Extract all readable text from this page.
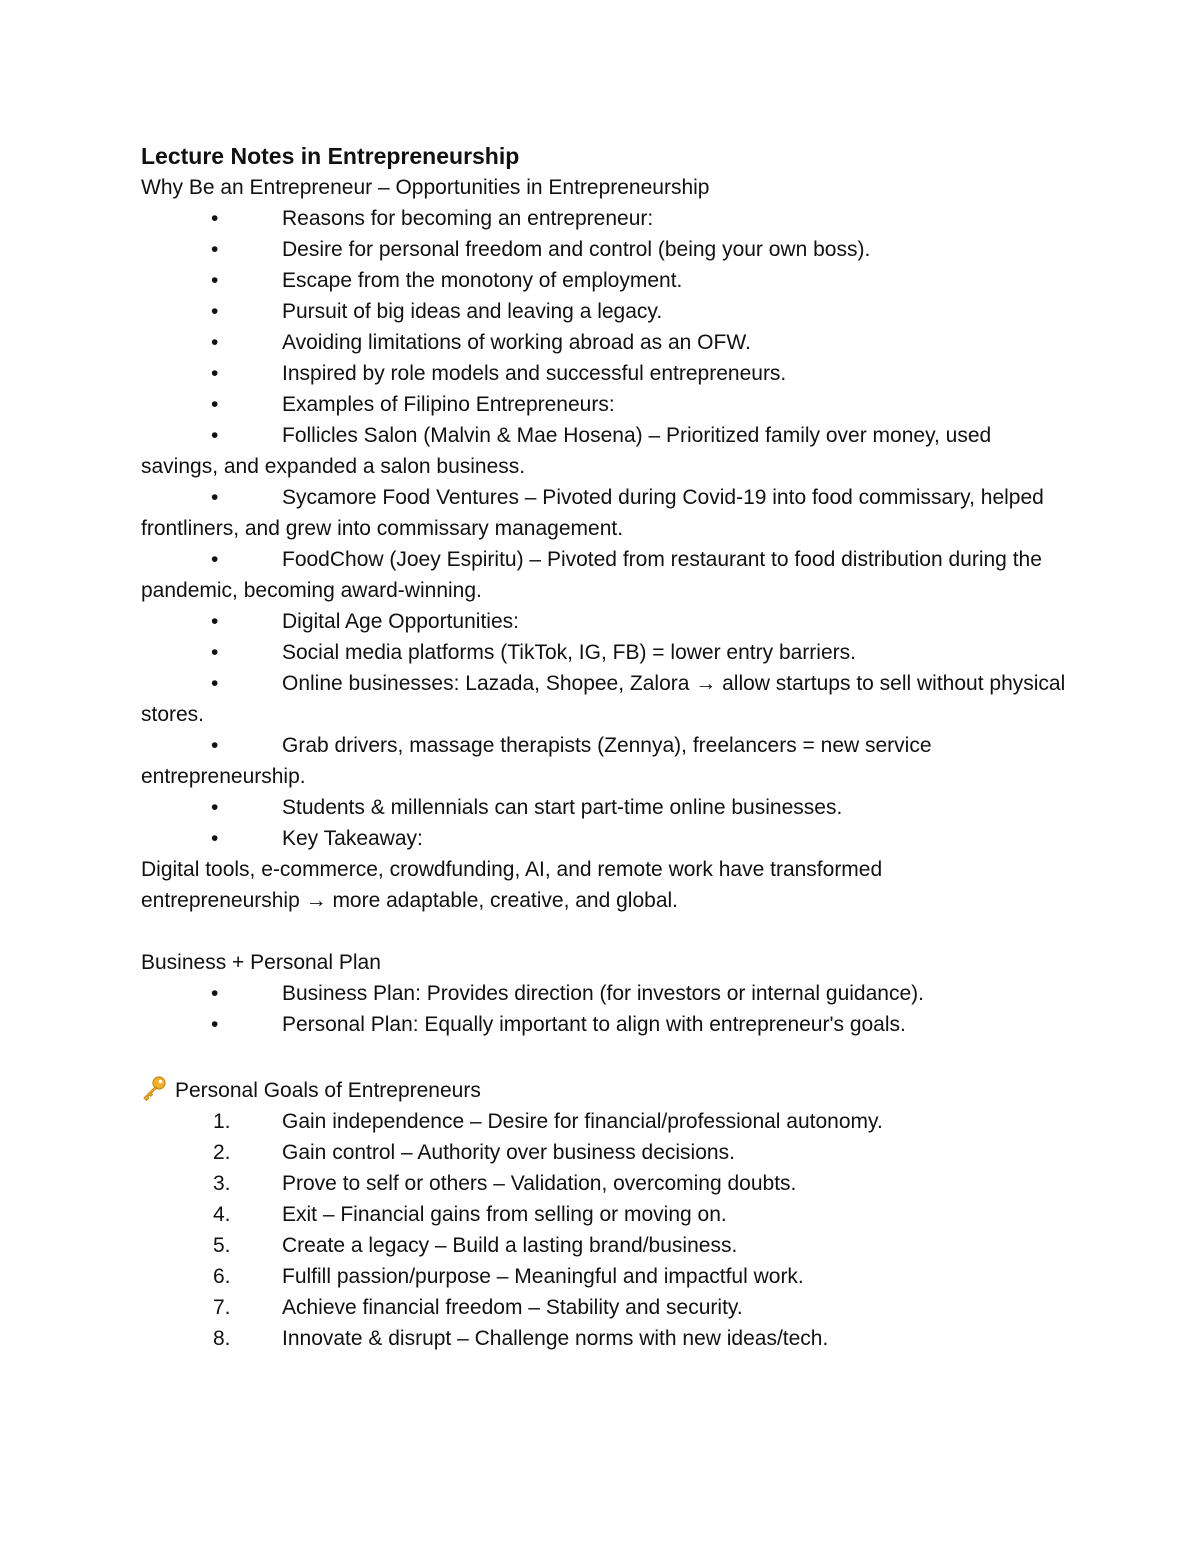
Lecture Notes in Entrepreneurship

Why Be an Entrepreneur – Opportunities in Entrepreneurship

•	Reasons for becoming an entrepreneur:
•	Desire for personal freedom and control (being your own boss).
•	Escape from the monotony of employment.
•	Pursuit of big ideas and leaving a legacy.
•	Avoiding limitations of working abroad as an OFW.
•	Inspired by role models and successful entrepreneurs.
•	Examples of Filipino Entrepreneurs:
•	Follicles Salon (Malvin & Mae Hosena) – Prioritized family over money, used savings, and expanded a salon business.
•	Sycamore Food Ventures – Pivoted during Covid-19 into food commissary, helped frontliners, and grew into commissary management.
•	FoodChow (Joey Espiritu) – Pivoted from restaurant to food distribution during the pandemic, becoming award-winning.
•	Digital Age Opportunities:
•	Social media platforms (TikTok, IG, FB) = lower entry barriers.
•	Online businesses: Lazada, Shopee, Zalora → allow startups to sell without physical stores.
•	Grab drivers, massage therapists (Zennya), freelancers = new service entrepreneurship.
•	Students & millennials can start part-time online businesses.
•	Key Takeaway:

Digital tools, e-commerce, crowdfunding, AI, and remote work have transformed

entrepreneurship → more adaptable, creative, and global.

Business + Personal Plan

•	Business Plan: Provides direction (for investors or internal guidance).
•	Personal Plan: Equally important to align with entrepreneur's goals.

Personal Goals of Entrepreneurs

1.	Gain independence – Desire for financial/professional autonomy.
2.	Gain control – Authority over business decisions.
3.	Prove to self or others – Validation, overcoming doubts.
4.	Exit – Financial gains from selling or moving on.
5.	Create a legacy – Build a lasting brand/business.
6.	Fulfill passion/purpose – Meaningful and impactful work.
7.	Achieve financial freedom – Stability and security.
8.	Innovate & disrupt – Challenge norms with new ideas/tech.
